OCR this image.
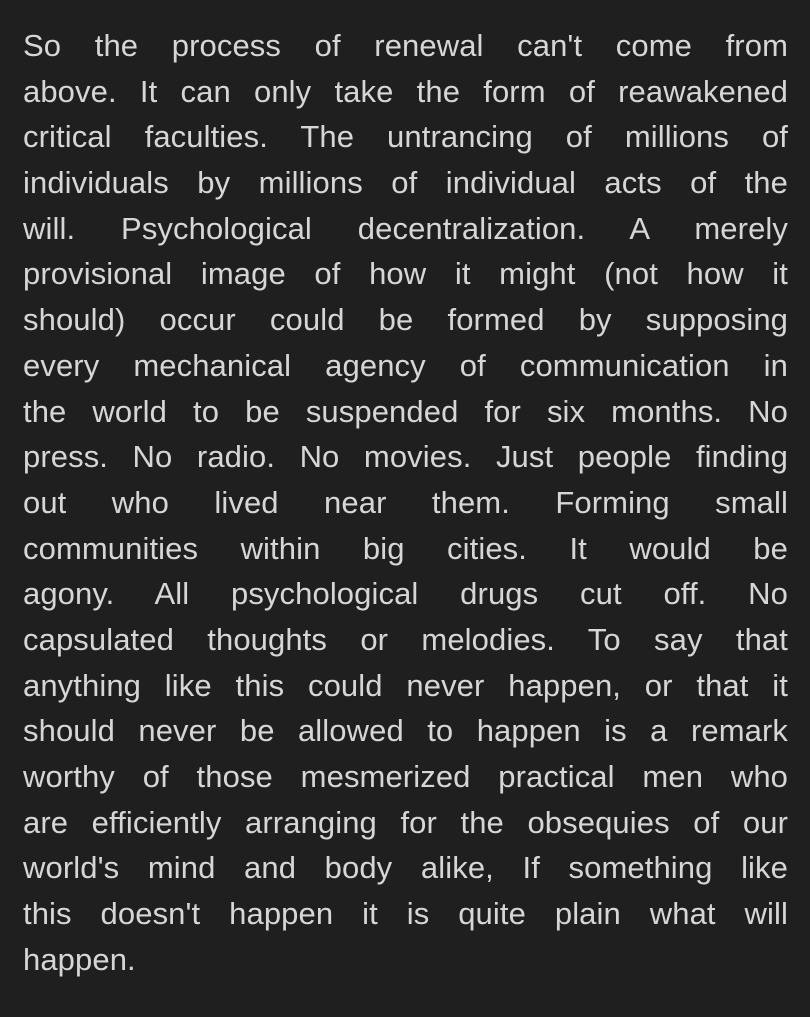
So the process of renewal can't come from
above. It can only take the form of reawakened
critical faculties. The untrancing of millions of
individuals by millions of individual acts of the
will. Psychological decentralization. A merely
provisional image of how it might (not how it
should) occur could be formed by supposing
every mechanical agency of communication in
the world to be suspended for six months. No
press. No radio. No movies. Just people finding
out who lived near them. Forming small
communities within big cities. It would be
agony. All psychological drugs cut off. No
capsulated thoughts or melodies. To say that
anything like this could never happen, or that it
should never be allowed to happen is a remark
worthy of those mesmerized practical men who
are efficiently arranging for the obsequies of our
world's mind and body alike, If something like
this doesn't happen it is quite plain what will
happen.
